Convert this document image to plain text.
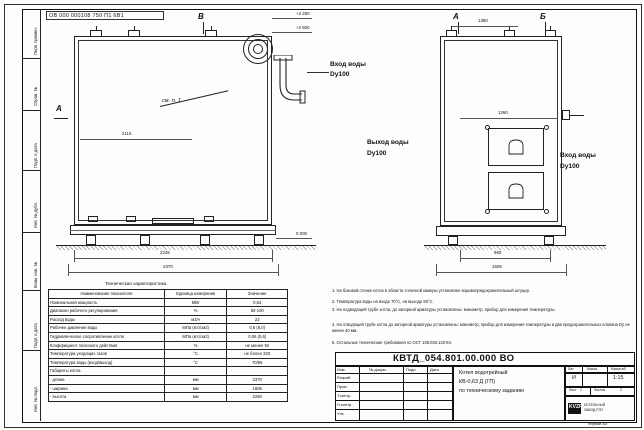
Перв. примен.
Справ. №
Подп. и дата
Инв. № дубл.
Взам. инв. №
Подп. и дата
Инв. № подл.
ОВ 000 000108 750 П1 6В1
см. п. 1
В
А
+2 250
+2 500
0 000
2115
2245
2370
Вход воды
Dy100
Выход воды
Dy100
А	Б
1360
1260
960
1605
Вход воды
Dy100
Техническая характеристика
Наименование показателя	Единица измерения	Значение
Номинальная мощность	МВт	0,63
Диапазон рабочего регулирования	%	50-100
Расход воды	м3/ч	22
Рабочее давление воды	МПа (кгс/см2)	0,6 (6,0)
Гидравлическое сопротивление котла	МПа (кгс/см2)	0,06 (0,6)
Коэффициент полезного действия	%	не менее 92
Температура уходящих газов	°С	не более 220
Температура воды (вход/выход)	°С	70/95
Габариты котла		
- длина	мм	2370
- ширина	мм	1605
- высота	мм	2250
1. На боковой стенке котла в области топочной камеры установлен взрывопредохранительный штуцер.
2. Температура воды на входе 70°С, на выходе 95°С.
3. На подводящей трубе котла, до запорной арматуры установлены: манометр, прибор для измерения температуры.
4. На отводящей трубе котла до запорной арматуры установлены: манометр, прибор для измерения температуры и два предохранительных клапана Dy не менее 40 мм.
5. Остальные технические требования по ОСТ 108.030.133-84.
КВТД_054.801.00.000 ВО
Изм.	№ докум.	Подп.	Дата
Разраб.
Пров.
Т.контр.
Н.контр.
Утв.
Котел водогрейный
КВ-0,63 Д (ГП)
по техническому заданию
Лит.	Масса	Масштаб
И	1:15
Лист 1	Листов	2
KVZR КОТЕЛЬНЫЙ
ЗАВОД РЗП
Формат А3
